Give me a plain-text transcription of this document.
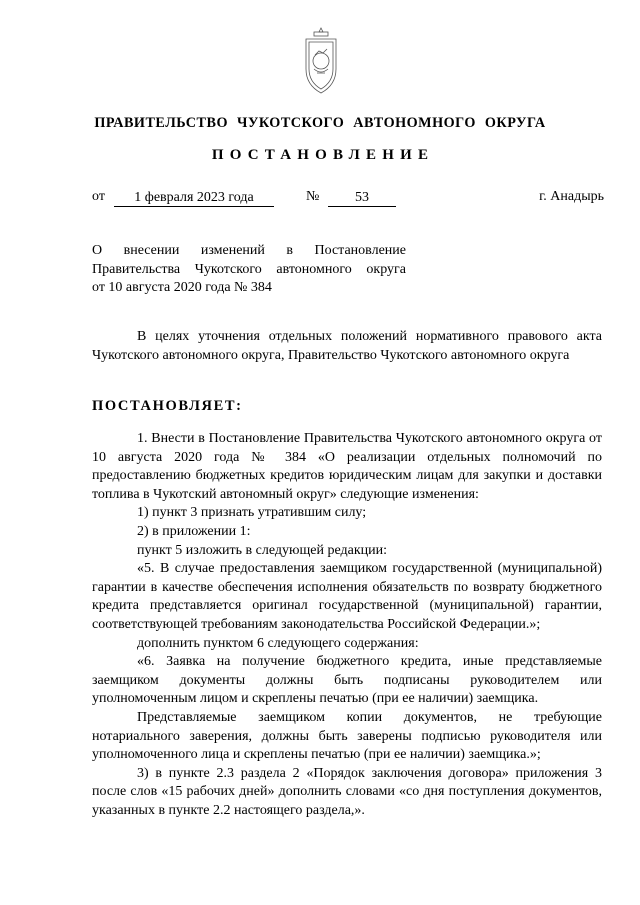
ПРАВИТЕЛЬСТВО ЧУКОТСКОГО АВТОНОМНОГО ОКРУГА
ПОСТАНОВЛЕНИЕ
от	1 февраля 2023 года	№	53	г. Анадырь
О внесении изменений в Постановление
Правительства Чукотского автономного округа
от 10 августа 2020 года № 384

В целях уточнения отдельных положений нормативного правового акта Чукотского автономного округа, Правительство Чукотского автономного округа

ПОСТАНОВЛЯЕТ:

1. Внести в Постановление Правительства Чукотского автономного округа от 10 августа 2020 года № 384 «О реализации отдельных полномочий по предоставлению бюджетных кредитов юридическим лицам для закупки и доставки топлива в Чукотский автономный округ» следующие изменения:

1) пункт 3 признать утратившим силу;

2) в приложении 1:

пункт 5 изложить в следующей редакции:

«5. В случае предоставления заемщиком государственной (муниципальной) гарантии в качестве обеспечения исполнения обязательств по возврату бюджетного кредита представляется оригинал государственной (муниципальной) гарантии, соответствующей требованиям законодательства Российской Федерации.»;

дополнить пунктом 6 следующего содержания:

«6. Заявка на получение бюджетного кредита, иные представляемые заемщиком документы должны быть подписаны руководителем или уполномоченным лицом и скреплены печатью (при ее наличии) заемщика.

Представляемые заемщиком копии документов, не требующие нотариального заверения, должны быть заверены подписью руководителя или уполномоченного лица и скреплены печатью (при ее наличии) заемщика.»;

3) в пункте 2.3 раздела 2 «Порядок заключения договора» приложения 3 после слов «15 рабочих дней» дополнить словами «со дня поступления документов, указанных в пункте 2.2 настоящего раздела,».
